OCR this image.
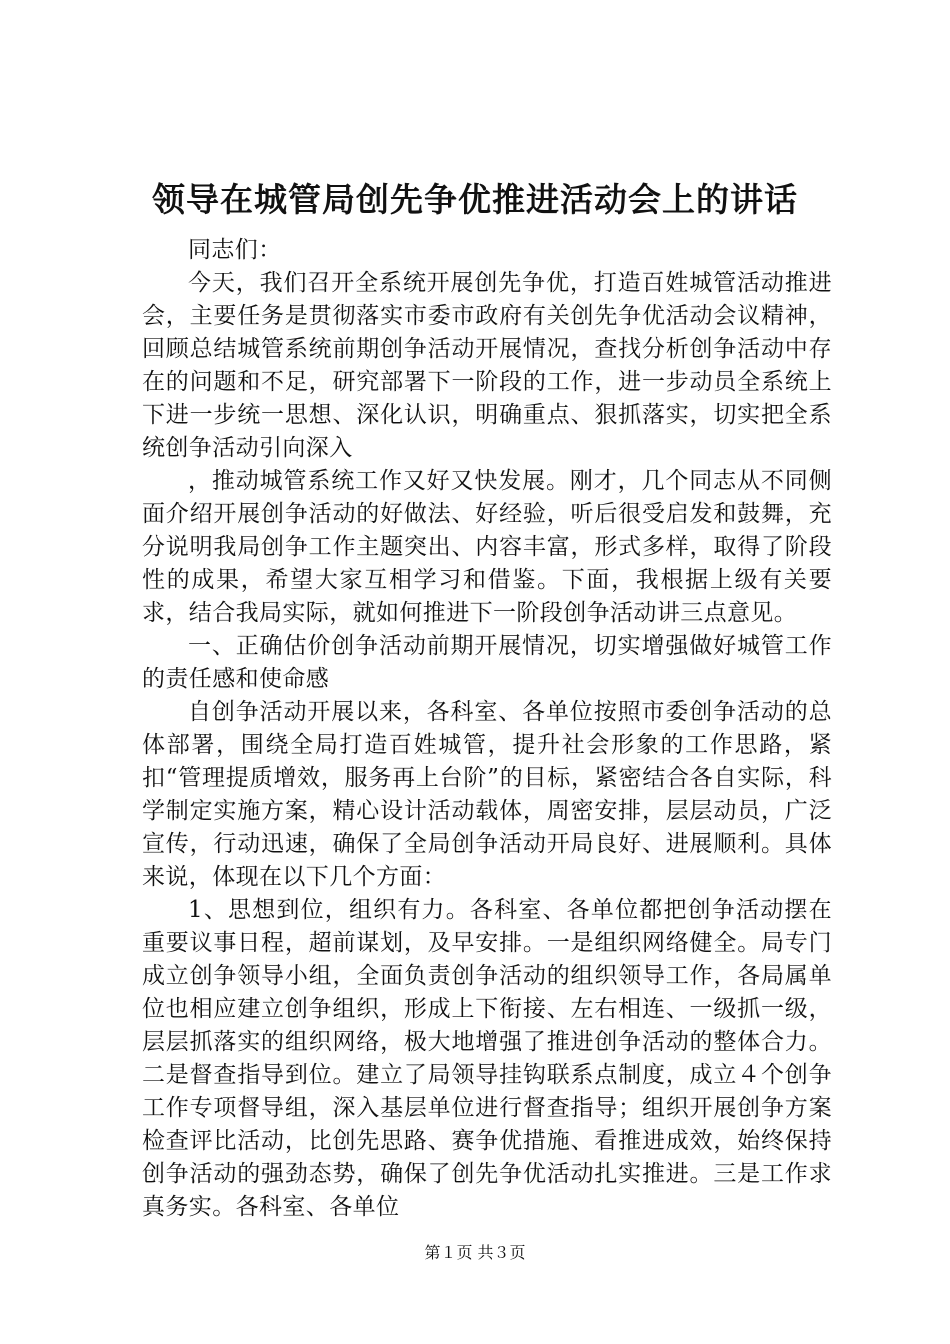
领导在城管局创先争优推进活动会上的讲话

同志们：

今天，我们召开全系统开展创先争优，打造百姓城管活动推进会，主要任务是贯彻落实市委市政府有关创先争优活动会议精神，回顾总结城管系统前期创争活动开展情况，查找分析创争活动中存在的问题和不足，研究部署下一阶段的工作，进一步动员全系统上下进一步统一思想、深化认识，明确重点、狠抓落实，切实把全系统创争活动引向深入

，推动城管系统工作又好又快发展。刚才，几个同志从不同侧面介绍开展创争活动的好做法、好经验，听后很受启发和鼓舞，充分说明我局创争工作主题突出、内容丰富，形式多样，取得了阶段性的成果，希望大家互相学习和借鉴。下面，我根据上级有关要求，结合我局实际，就如何推进下一阶段创争活动讲三点意见。

一、正确估价创争活动前期开展情况，切实增强做好城管工作的责任感和使命感

自创争活动开展以来，各科室、各单位按照市委创争活动的总体部署，围绕全局打造百姓城管，提升社会形象的工作思路，紧扣“管理提质增效，服务再上台阶”的目标，紧密结合各自实际，科学制定实施方案，精心设计活动载体，周密安排，层层动员，广泛宣传，行动迅速，确保了全局创争活动开局良好、进展顺利。具体来说，体现在以下几个方面：

1、思想到位，组织有力。各科室、各单位都把创争活动摆在重要议事日程，超前谋划，及早安排。一是组织网络健全。局专门成立创争领导小组，全面负责创争活动的组织领导工作，各局属单位也相应建立创争组织，形成上下衔接、左右相连、一级抓一级，层层抓落实的组织网络，极大地增强了推进创争活动的整体合力。二是督查指导到位。建立了局领导挂钩联系点制度，成立４个创争工作专项督导组，深入基层单位进行督查指导；组织开展创争方案检查评比活动，比创先思路、赛争优措施、看推进成效，始终保持创争活动的强劲态势，确保了创先争优活动扎实推进。三是工作求真务实。各科室、各单位

第１页 共３页
